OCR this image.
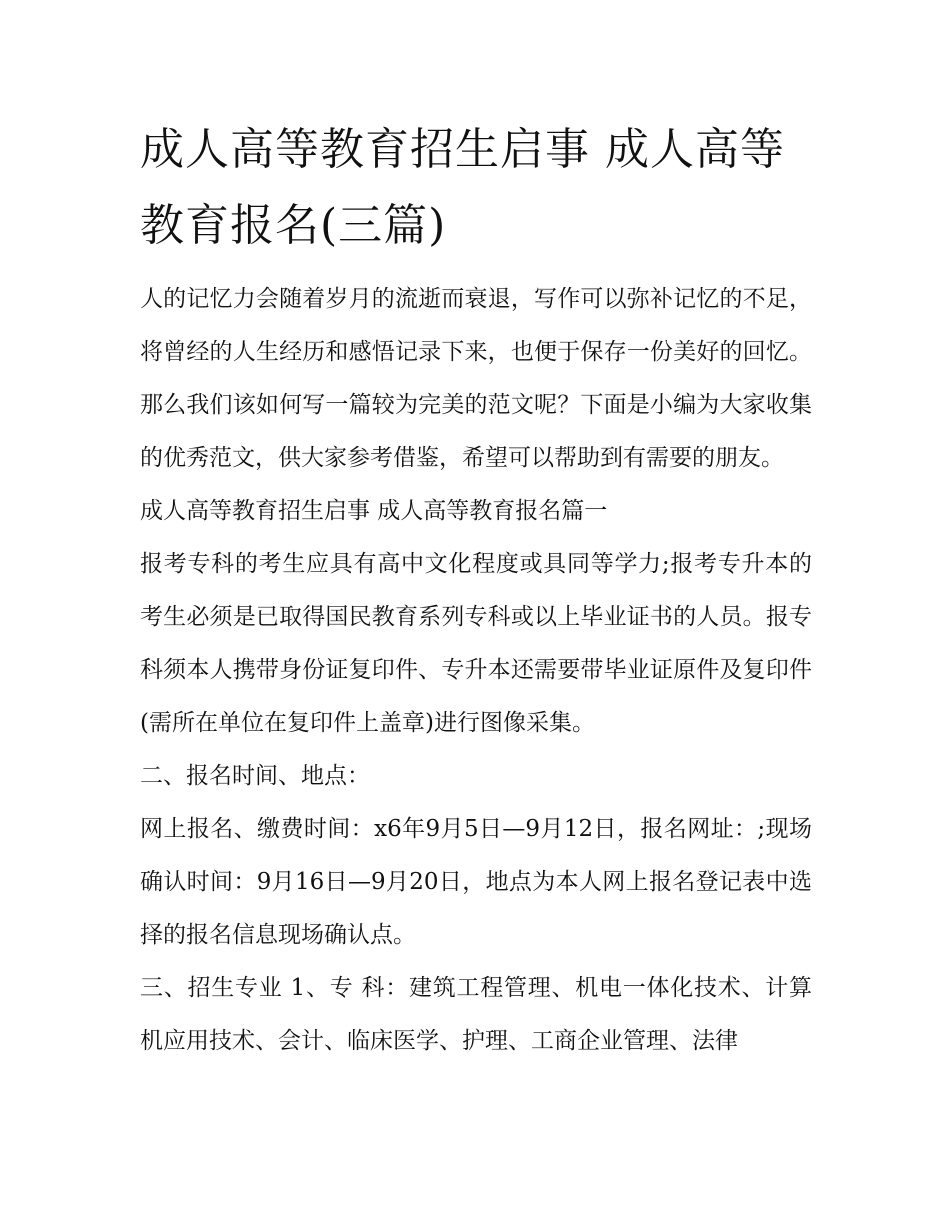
成人高等教育招生启事 成人高等教育报名(三篇)

人的记忆力会随着岁月的流逝而衰退，写作可以弥补记忆的不足，将曾经的人生经历和感悟记录下来，也便于保存一份美好的回忆。那么我们该如何写一篇较为完美的范文呢？下面是小编为大家收集的优秀范文，供大家参考借鉴，希望可以帮助到有需要的朋友。

成人高等教育招生启事 成人高等教育报名篇一

报考专科的考生应具有高中文化程度或具同等学力;报考专升本的考生必须是已取得国民教育系列专科或以上毕业证书的人员。报专科须本人携带身份证复印件、专升本还需要带毕业证原件及复印件(需所在单位在复印件上盖章)进行图像采集。

二、报名时间、地点：

网上报名、缴费时间：x6年9月5日—9月12日，报名网址：;现场确认时间：9月16日—9月20日，地点为本人网上报名登记表中选择的报名信息现场确认点。

三、招生专业 1、专 科：建筑工程管理、机电一体化技术、计算机应用技术、会计、临床医学、护理、工商企业管理、法律
